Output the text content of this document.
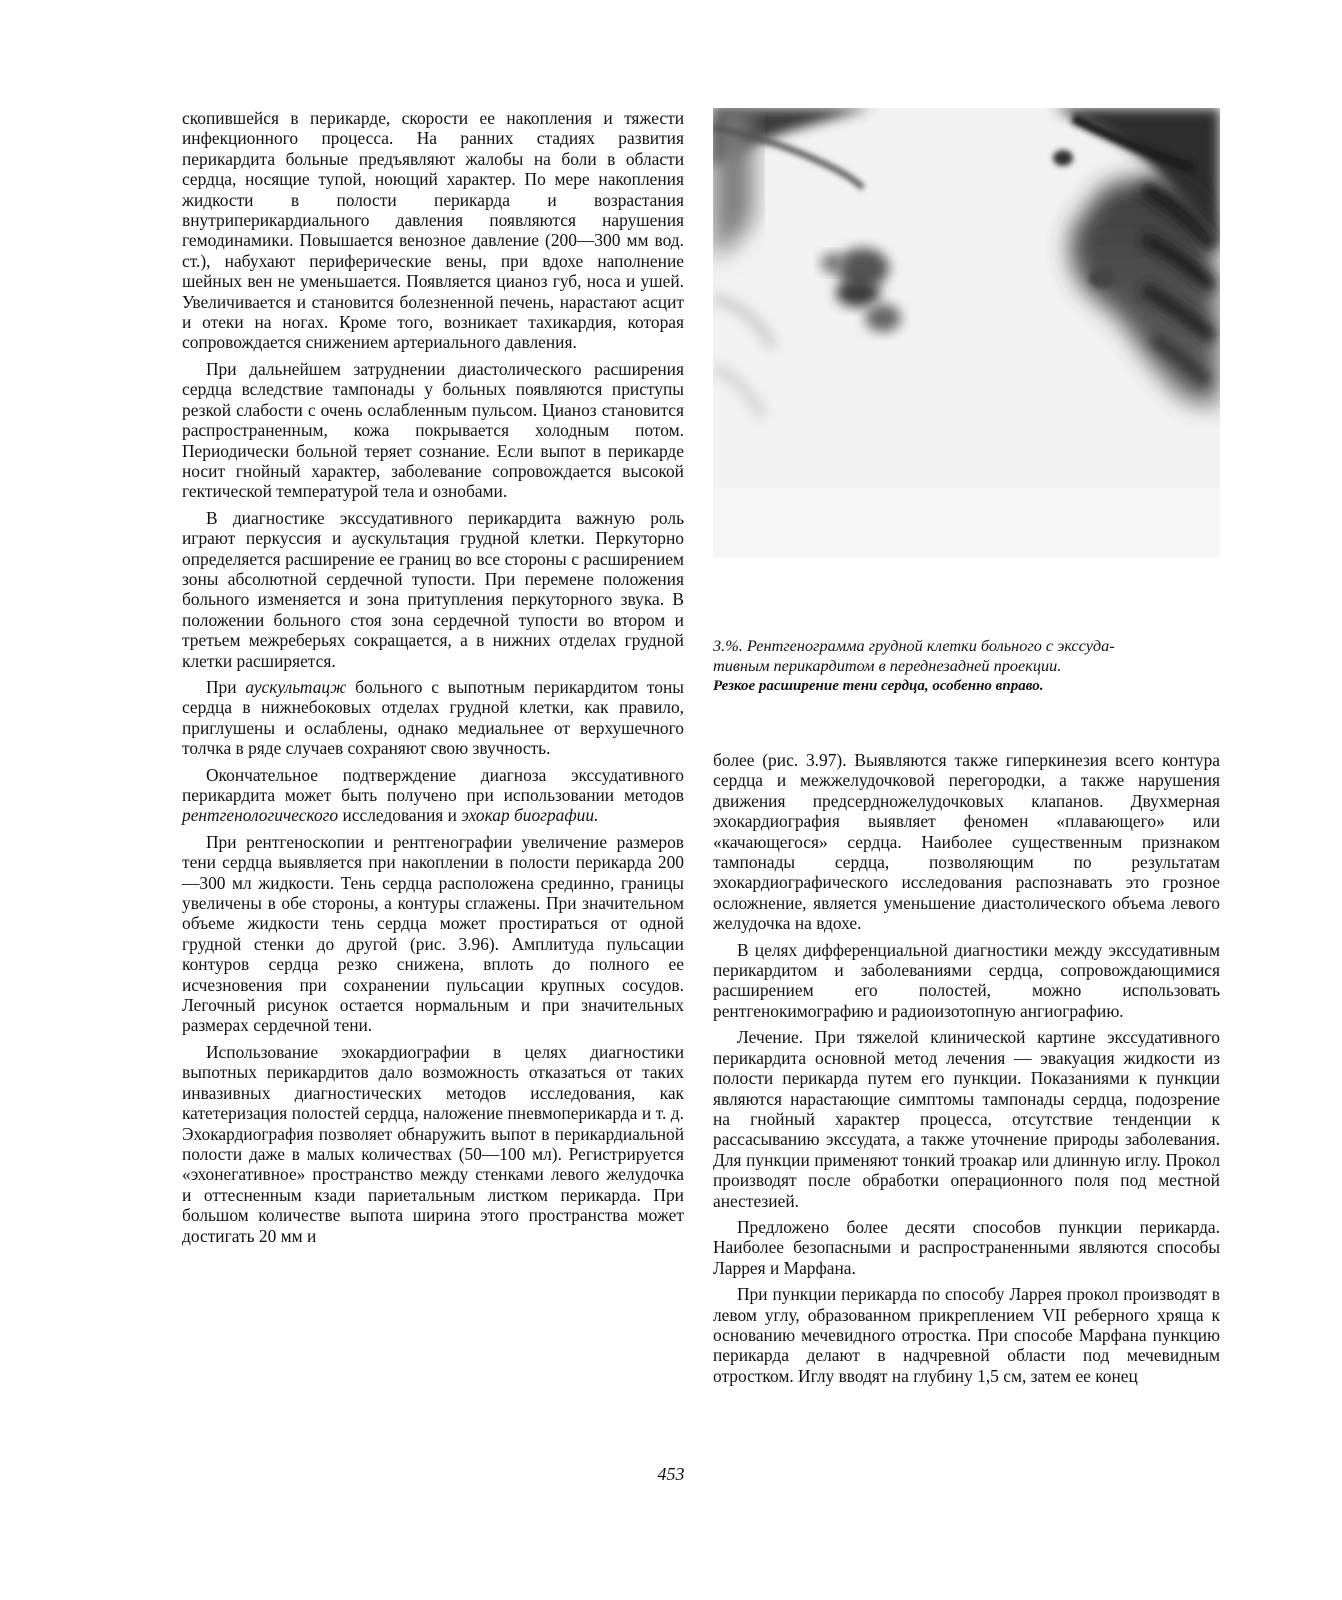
скопившейся в перикарде, скорости ее накопления и тяжести инфекционного процесса. На ранних стадиях развития перикардита больные предъявляют жалобы на боли в области сердца, носящие тупой, ноющий характер. По мере накопления жидкости в полости перикарда и возрастания внутриперикардиального давления появляются нарушения гемодинамики. Повышается венозное давление (200—300 мм вод. ст.), набухают периферические вены, при вдохе наполнение шейных вен не уменьшается. Появляется цианоз губ, носа и ушей. Увеличивается и становится болезненной печень, нарастают асцит и отеки на ногах. Кроме того, возникает тахикардия, которая сопровождается снижением артериального давления.

При дальнейшем затруднении диастолического расширения сердца вследствие тампонады у больных появляются приступы резкой слабости с очень ослабленным пульсом. Цианоз становится распространенным, кожа покрывается холодным потом. Периодически больной теряет сознание. Если выпот в перикарде носит гнойный характер, заболевание сопровождается высокой гектической температурой тела и ознобами.

В диагностике экссудативного перикардита важную роль играют перкуссия и аускультация грудной клетки. Перкуторно определяется расширение ее границ во все стороны с расширением зоны абсолютной сердечной тупости. При перемене положения больного изменяется и зона притупления перкуторного звука. В положении больного стоя зона сердечной тупости во втором и третьем межреберьях сокращается, а в нижних отделах грудной клетки расширяется.

При аускультацж больного с выпотным перикардитом тоны сердца в нижнебоковых отделах грудной клетки, как правило, приглушены и ослаблены, однако медиальнее от верхушечного толчка в ряде случаев сохраняют свою звучность.

Окончательное подтверждение диагноза экссудативного перикардита может быть получено при использовании методов рентгенологического исследования и эхокар биографии.

При рентгеноскопии и рентгенографии увеличение размеров тени сердца выявляется при накоплении в полости перикарда 200—300 мл жидкости. Тень сердца расположена срединно, границы увеличены в обе стороны, а контуры сглажены. При значительном объеме жидкости тень сердца может простираться от одной грудной стенки до другой (рис. 3.96). Амплитуда пульсации контуров сердца резко снижена, вплоть до полного ее исчезновения при сохранении пульсации крупных сосудов. Легочный рисунок остается нормальным и при значительных размерах сердечной тени.

Использование эхокардиографии в целях диагностики выпотных перикардитов дало возможность отказаться от таких инвазивных диагностических методов исследования, как катетеризация полостей сердца, наложение пневмоперикарда и т. д. Эхокардиография позволяет обнаружить выпот в перикардиальной полости даже в малых количествах (50—100 мл). Регистрируется «эхонегативное» пространство между стенками левого желудочка и оттесненным кзади париетальным листком перикарда. При большом количестве выпота ширина этого пространства может достигать 20 мм и

3.%. Рентгенограмма грудной клетки больного с экссуда-
тивным перикардитом в переднезадней проекции.
Резкое расширение тени сердца, особенно вправо.

более (рис. 3.97). Выявляются также гиперкинезия всего контура сердца и межжелудочковой перегородки, а также нарушения движения предсердножелудочковых клапанов. Двухмерная эхокардиография выявляет феномен «плавающего» или «качающегося» сердца. Наиболее существенным признаком тампонады сердца, позволяющим по результатам эхокардиографического исследования распознавать это грозное осложнение, является уменьшение диастолического объема левого желудочка на вдохе.

В целях дифференциальной диагностики между экссудативным перикардитом и заболеваниями сердца, сопровождающимися расширением его полостей, можно использовать рентгенокимографию и радиоизотопную ангиографию.

Лечение. При тяжелой клинической картине экссудативного перикардита основной метод лечения — эвакуация жидкости из полости перикарда путем его пункции. Показаниями к пункции являются нарастающие симптомы тампонады сердца, подозрение на гнойный характер процесса, отсутствие тенденции к рассасыванию экссудата, а также уточнение природы заболевания. Для пункции применяют тонкий троакар или длинную иглу. Прокол производят после обработки операционного поля под местной анестезией.

Предложено более десяти способов пункции перикарда. Наиболее безопасными и распространенными являются способы Ларрея и Марфана.

При пункции перикарда по способу Ларрея прокол производят в левом углу, образованном прикреплением VII реберного хряща к основанию мечевидного отростка. При способе Марфана пункцию перикарда делают в надчревной области под мечевидным отростком. Иглу вводят на глубину 1,5 см, затем ее конец

453
